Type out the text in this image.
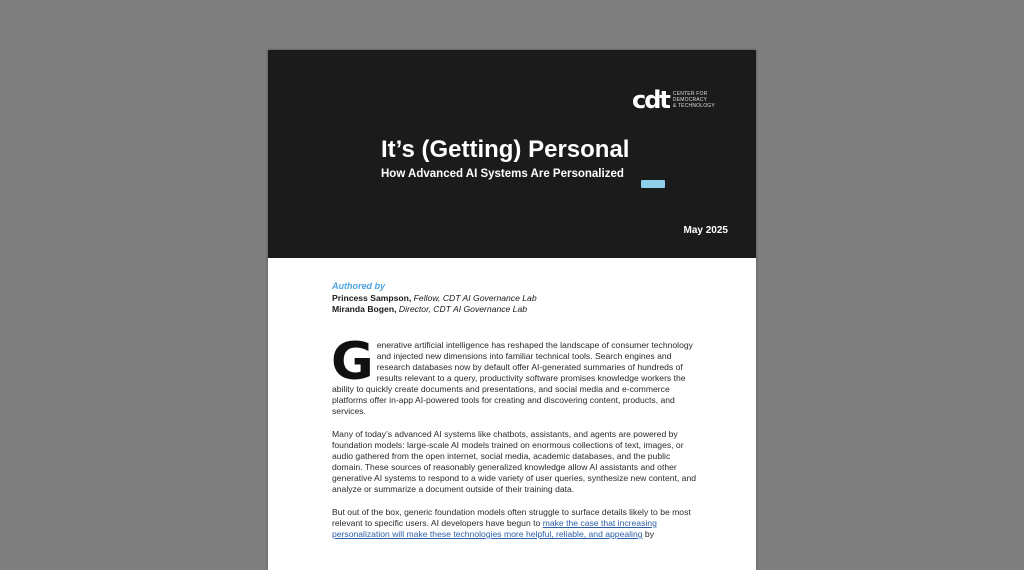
cdt CENTER FOR
DEMOCRACY
& TECHNOLOGY
It’s (Getting) Personal
How Advanced AI Systems Are Personalized
May 2025
Authored by
Princess Sampson, Fellow, CDT AI Governance Lab
Miranda Bogen, Director, CDT AI Governance Lab
Generative artificial intelligence has reshaped the landscape of consumer technology and injected new dimensions into familiar technical tools. Search engines and research databases now by default offer AI-generated summaries of hundreds of results relevant to a query, productivity software promises knowledge workers the ability to quickly create documents and presentations, and social media and e-commerce platforms offer in-app AI-powered tools for creating and discovering content, products, and services.
Many of today’s advanced AI systems like chatbots, assistants, and agents are powered by foundation models: large-scale AI models trained on enormous collections of text, images, or audio gathered from the open internet, social media, academic databases, and the public domain. These sources of reasonably generalized knowledge allow AI assistants and other generative AI systems to respond to a wide variety of user queries, synthesize new content, and analyze or summarize a document outside of their training data.
But out of the box, generic foundation models often struggle to surface details likely to be most relevant to specific users. AI developers have begun to make the case that increasing personalization will make these technologies more helpful, reliable, and appealing by
